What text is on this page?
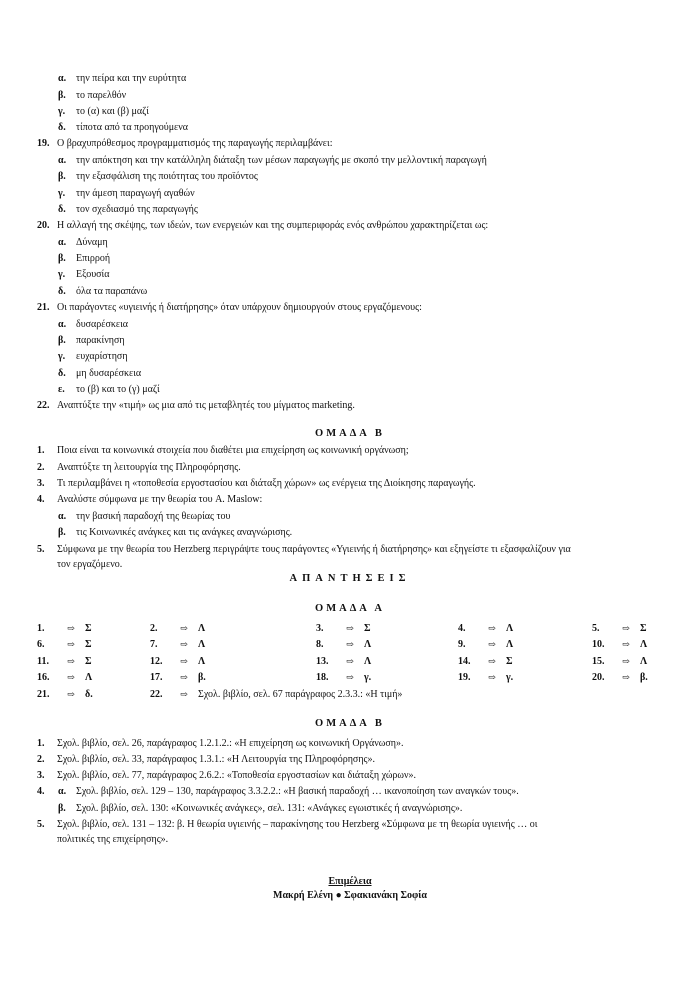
α. την πείρα και την ευρύτητα
β. το παρελθόν
γ. το (α) και (β) μαζί
δ. τίποτα από τα προηγούμενα
19. Ο βραχυπρόθεσμος προγραμματισμός της παραγωγής περιλαμβάνει:
α. την απόκτηση και την κατάλληλη διάταξη των μέσων παραγωγής με σκοπό την μελλοντική παραγωγή
β. την εξασφάλιση της ποιότητας του προϊόντος
γ. την άμεση παραγωγή αγαθών
δ. τον σχεδιασμό της παραγωγής
20. Η αλλαγή της σκέψης, των ιδεών, των ενεργειών και της συμπεριφοράς ενός ανθρώπου χαρακτηρίζεται ως:
α. Δύναμη
β. Επιρροή
γ. Εξουσία
δ. όλα τα παραπάνω
21. Οι παράγοντες «υγιεινής ή διατήρησης» όταν υπάρχουν δημιουργούν στους εργαζόμενους:
α. δυσαρέσκεια
β. παρακίνηση
γ. ευχαρίστηση
δ. μη δυσαρέσκεια
ε. το (β) και το (γ) μαζί
22. Αναπτύξτε την «τιμή» ως μια από τις μεταβλητές του μίγματος marketing.
ΟΜΑΔΑ Β
1. Ποια είναι τα κοινωνικά στοιχεία που διαθέτει μια επιχείρηση ως κοινωνική οργάνωση;
2. Αναπτύξτε τη λειτουργία της Πληροφόρησης.
3. Τι περιλαμβάνει η «τοποθεσία εργοστασίου και διάταξη χώρων» ως ενέργεια της Διοίκησης παραγωγής.
4. Αναλύστε σύμφωνα με την θεωρία του A. Maslow:
α. την βασική παραδοχή της θεωρίας του
β. τις Κοινωνικές ανάγκες και τις ανάγκες αναγνώρισης.
5. Σύμφωνα με την θεωρία του Herzberg περιγράψτε τους παράγοντες «Υγιεινής ή διατήρησης» και εξηγείστε τι εξασφαλίζουν για
τον εργαζόμενο.
ΑΠΑΝΤΗΣΕΙΣ
ΟΜΑΔΑ Α
1.	⇨ Σ	2.	⇨ Λ	3.	⇨ Σ	4.	⇨ Λ	5.	⇨ Σ
6.	⇨ Σ	7.	⇨ Λ	8.	⇨ Λ	9.	⇨ Λ	10. ⇨ Λ
11. ⇨ Σ	12. ⇨ Λ	13. ⇨ Λ	14. ⇨ Σ	15. ⇨ Λ
16. ⇨ Λ	17. ⇨ β.	18. ⇨ γ.	19. ⇨ γ.	20. ⇨ β.
21. ⇨ δ.	22. ⇨ Σχολ. βιβλίο, σελ. 67 παράγραφος 2.3.3.: «Η τιμή»
ΟΜΑΔΑ Β
1. Σχολ. βιβλίο, σελ. 26, παράγραφος 1.2.1.2.: «Η επιχείρηση ως κοινωνική Οργάνωση».
2. Σχολ. βιβλίο, σελ. 33, παράγραφος 1.3.1.: «Η Λειτουργία της Πληροφόρησης».
3. Σχολ. βιβλίο, σελ. 77, παράγραφος 2.6.2.: «Τοποθεσία εργοστασίων και διάταξη χώρων».
4. α. Σχολ. βιβλίο, σελ. 129 – 130, παράγραφος 3.3.2.2.: «Η βασική παραδοχή … ικανοποίηση των αναγκών τους».
β. Σχολ. βιβλίο, σελ. 130: «Κοινωνικές ανάγκες», σελ. 131: «Ανάγκες εγωιστικές ή αναγνώρισης».
5. Σχολ. βιβλίο, σελ. 131 – 132: β. Η θεωρία υγιεινής – παρακίνησης του Herzberg «Σύμφωνα με τη θεωρία υγιεινής … οι
πολιτικές της επιχείρησης».
Επιμέλεια
Μακρή Ελένη ● Σφακιανάκη Σοφία
